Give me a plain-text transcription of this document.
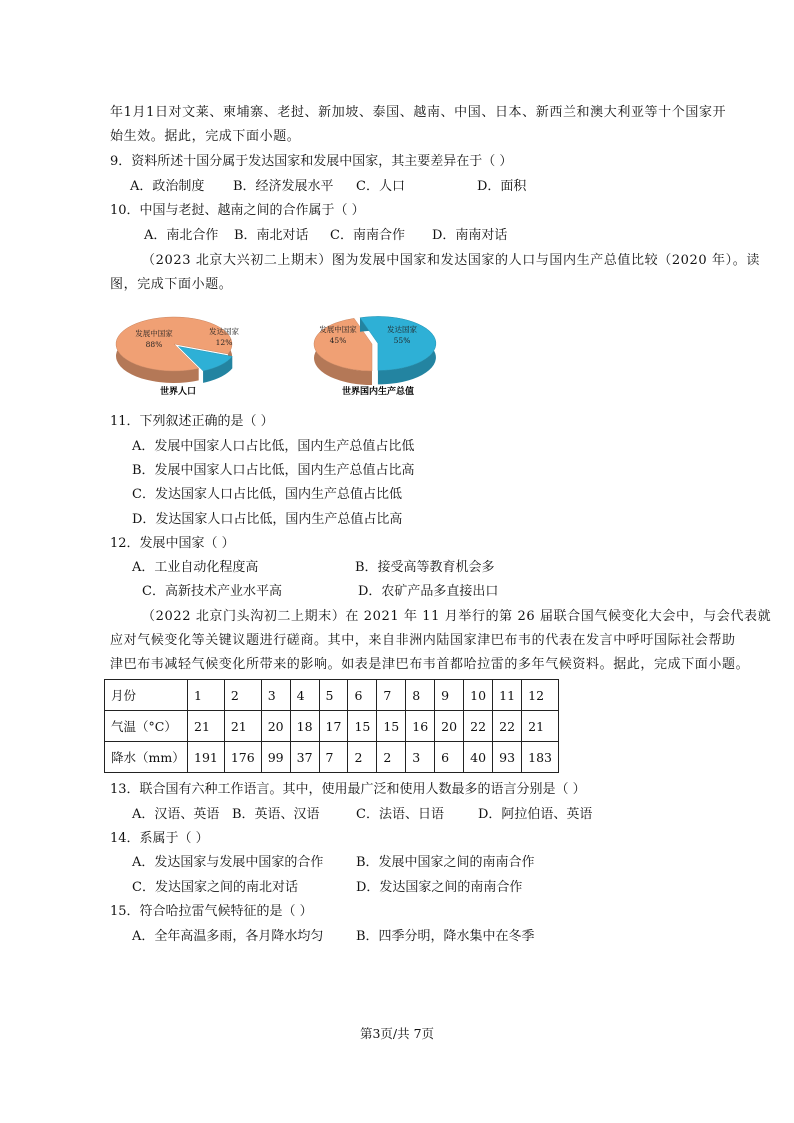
年1月1日对文莱、柬埔寨、老挝、新加坡、泰国、越南、中国、日本、新西兰和澳大利亚等十个国家开
始生效。据此，完成下面小题。
9．资料所述十国分属于发达国家和发展中国家，其主要差异在于（ ）
A．政治制度 B．经济发展水平 C．人口	D．面积
10．中国与老挝、越南之间的合作属于（ ）
A．南北合作 B．南北对话 C．南南合作 D．南南对话
（2023 北京大兴初二上期末）图为发展中国家和发达国家的人口与国内生产总值比较（2020 年）。读
图，完成下面小题。
发展中国家
88%
发达国家
12%
世界人口
发展中国家
45%
发达国家
55%
世界国内生产总值
11．下列叙述正确的是（ ）
A．发展中国家人口占比低，国内生产总值占比低
B．发展中国家人口占比低，国内生产总值占比高
C．发达国家人口占比低，国内生产总值占比低
D．发达国家人口占比低，国内生产总值占比高
12．发展中国家（ ）
A．工业自动化程度高	B．接受高等教育机会多
C．高新技术产业水平高	D．农矿产品多直接出口
（2022 北京门头沟初二上期末）在 2021 年 11 月举行的第 26 届联合国气候变化大会中，与会代表就
应对气候变化等关键议题进行磋商。其中，来自非洲内陆国家津巴布韦的代表在发言中呼吁国际社会帮助
津巴布韦减轻气候变化所带来的影响。如表是津巴布韦首都哈拉雷的多年气候资料。据此，完成下面小题。
月份	1	2	3	4	5	6	7	8	9	10	11	12
气温（°C）	21	21	20	18	17	15	15	16	20	22	22	21
降水（mm）	191	176	99	37	7	2	2	3	6	40	93	183
13．联合国有六种工作语言。其中，使用最广泛和使用人数最多的语言分别是（ ）
A．汉语、英语 B．英语、汉语	C．法语、日语	D．阿拉伯语、英语
14．系属于（ ）
A．发达国家与发展中国家的合作	B．发展中国家之间的南南合作
C．发达国家之间的南北对话	D．发达国家之间的南南合作
15．符合哈拉雷气候特征的是（ ）
A．全年高温多雨，各月降水均匀	B．四季分明，降水集中在冬季
第3页/共 7页
